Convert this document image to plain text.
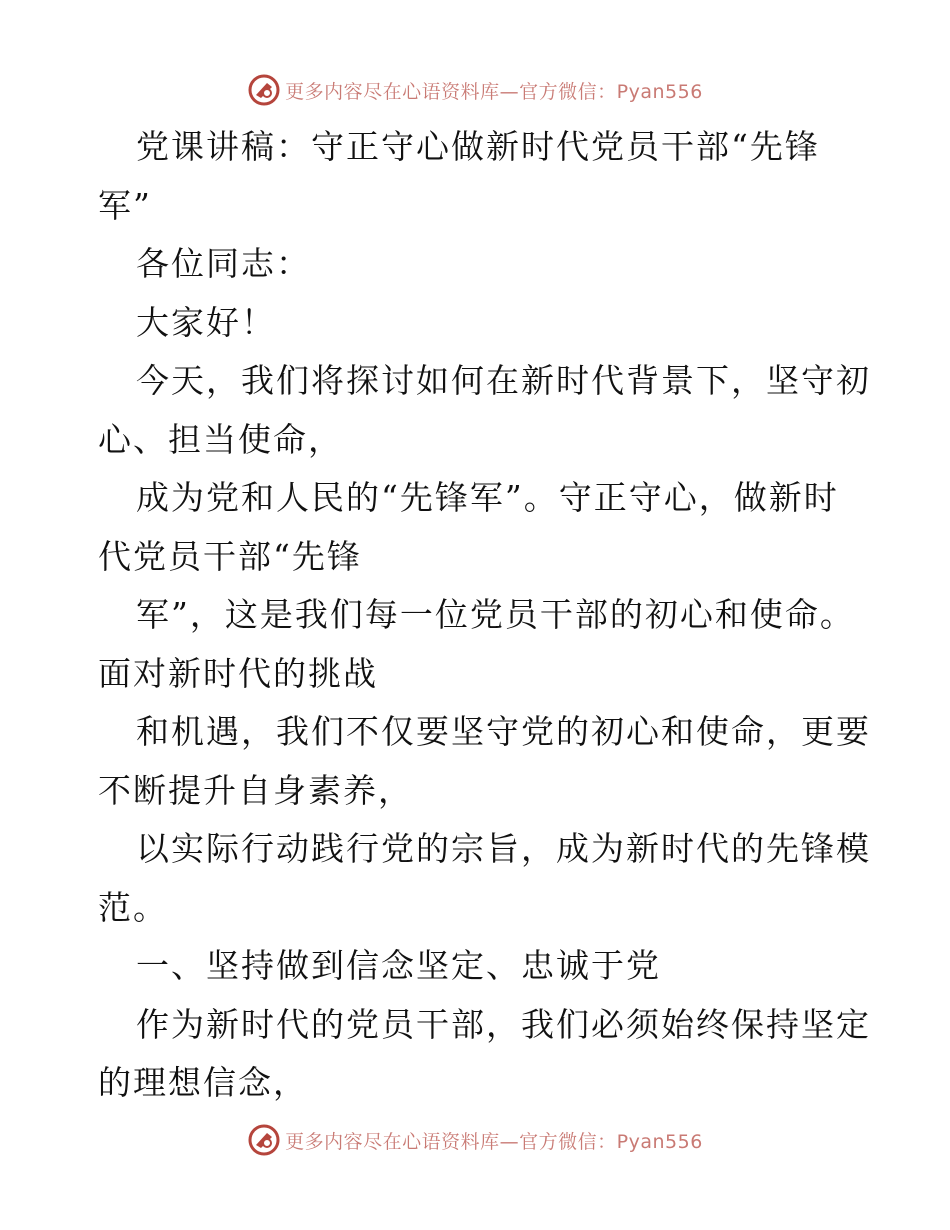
更多内容尽在心语资料库—官方微信：Pyan556

党课讲稿：守正守心做新时代党员干部“先锋

军”

各位同志：

大家好！

今天，我们将探讨如何在新时代背景下，坚守初

心、担当使命，

成为党和人民的“先锋军”。守正守心，做新时

代党员干部“先锋

军”，这是我们每一位党员干部的初心和使命。

面对新时代的挑战

和机遇，我们不仅要坚守党的初心和使命，更要

不断提升自身素养，

以实际行动践行党的宗旨，成为新时代的先锋模

范。

一、坚持做到信念坚定、忠诚于党

作为新时代的党员干部，我们必须始终保持坚定

的理想信念，

更多内容尽在心语资料库—官方微信：Pyan556
